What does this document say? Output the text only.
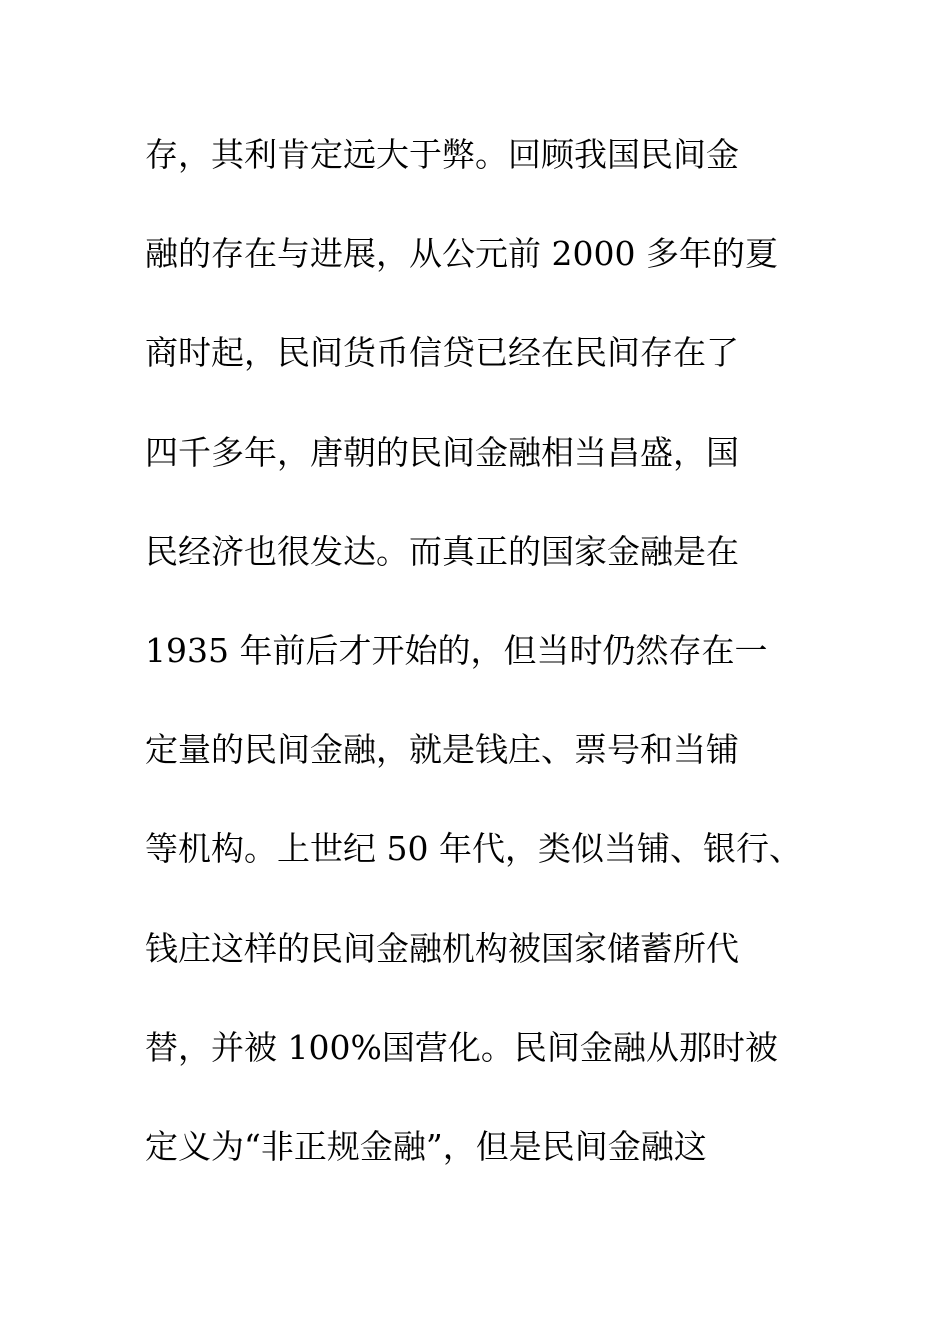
存，其利肯定远大于弊。回顾我国民间金
融的存在与进展，从公元前 2000 多年的夏
商时起，民间货币信贷已经在民间存在了
四千多年，唐朝的民间金融相当昌盛，国
民经济也很发达。而真正的国家金融是在
1935 年前后才开始的，但当时仍然存在一
定量的民间金融，就是钱庄、票号和当铺
等机构。上世纪 50 年代，类似当铺、银行、
钱庄这样的民间金融机构被国家储蓄所代
替，并被 100%国营化。民间金融从那时被
定义为“非正规金融”，但是民间金融这
